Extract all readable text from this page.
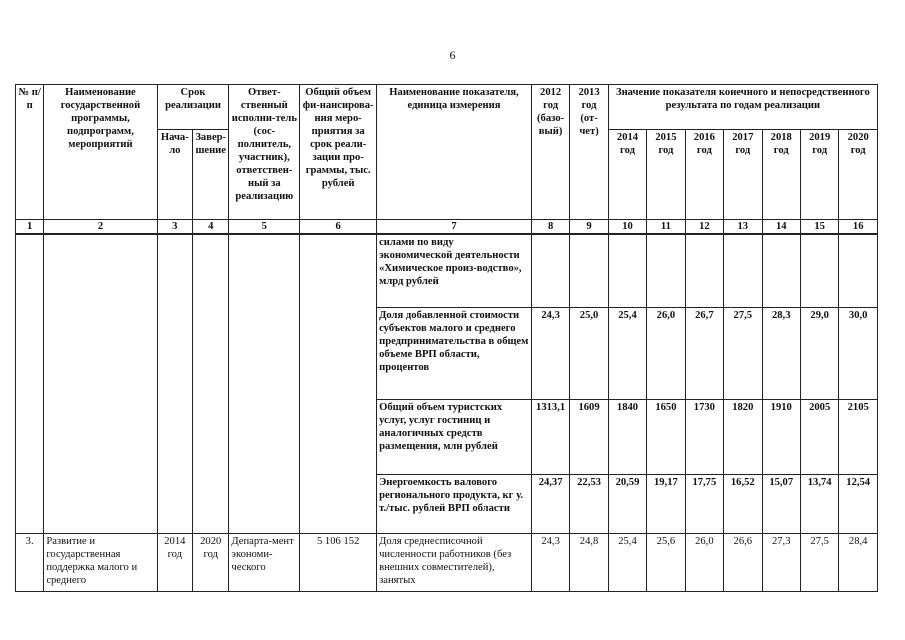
6
№ п/п	Наименование государственной программы, подпрограмм, мероприятий	Срок реализации		Ответ-ственный исполни-тель (сос-полнитель, участник), ответствен-ный за реализацию	Общий объем фи-нансирова-ния меро-приятия за срок реали-зации про-граммы, тыс. рублей	Наименование показателя, единица измерения	2012 год (базо-вый)	2013 год (от-чет)	Значение показателя конечного и непосредственного результата по годам реализации						
		Нача-ло	Завер-шение						2014 год	2015 год	2016 год	2017 год	2018 год	2019 год	2020 год
1	2	3	4	5	6	7	8	9	10	11	12	13	14	15	16
						силами по виду экономической деятельности «Химическое произ-водство», млрд рублей									
						Доля добавленной стоимости субъектов малого и среднего предпринимательства в общем объеме ВРП области, процентов	24,3	25,0	25,4	26,0	26,7	27,5	28,3	29,0	30,0
						Общий объем туристских услуг, услуг гостиниц и аналогичных средств размещения, млн рублей	1313,1	1609	1840	1650	1730	1820	1910	2005	2105
						Энергоемкость валового регионального продукта, кг у. т./тыс. рублей ВРП области	24,37	22,53	20,59	19,17	17,75	16,52	15,07	13,74	12,54
3.	Развитие и государственная поддержка малого и среднего	2014 год	2020 год	Департа-мент экономи-ческого	5 106 152	Доля среднесписочной численности работников (без внешних совместителей), занятых	24,3	24,8	25,4	25,6	26,0	26,6	27,3	27,5	28,4
